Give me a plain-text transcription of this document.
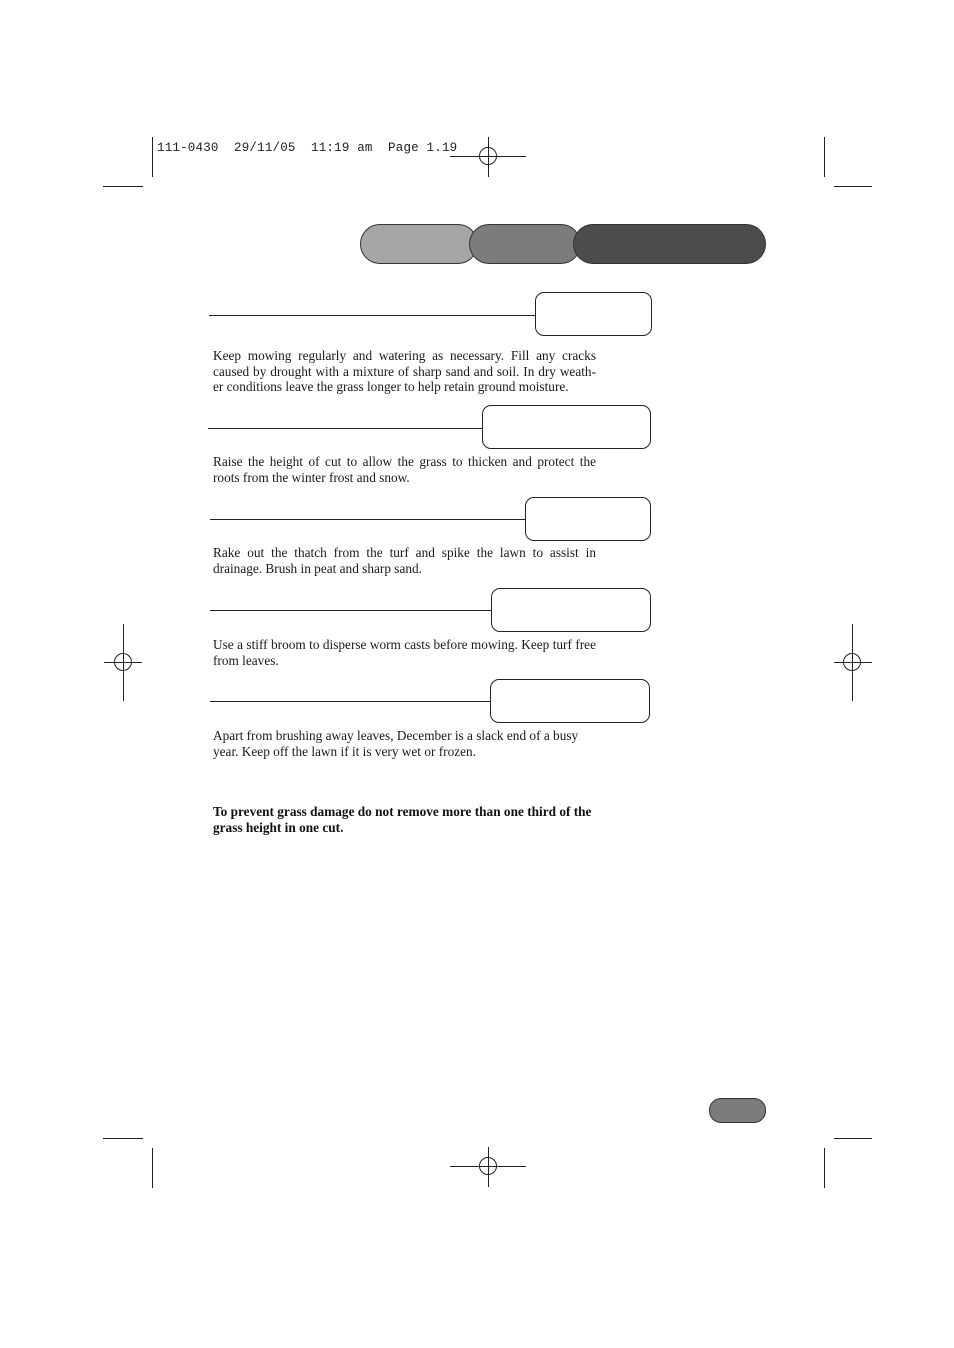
111-0430  29/11/05  11:19 am  Page 1.19
Keep mowing regularly and watering as necessary. Fill any cracks caused by drought with a mixture of sharp sand and soil. In dry weath-er conditions leave the grass longer to help retain ground moisture.
Raise the height of cut to allow the grass to thicken and protect the roots from the winter frost and snow.
Rake out the thatch from the turf and spike the lawn to assist in drainage. Brush in peat and sharp sand.
Use a stiff broom to disperse worm casts before mowing. Keep turf free from leaves.
Apart from brushing away leaves, December is a slack end of a busy year. Keep off the lawn if it is very wet or frozen.
To prevent grass damage do not remove more than one third of the grass height in one cut.
